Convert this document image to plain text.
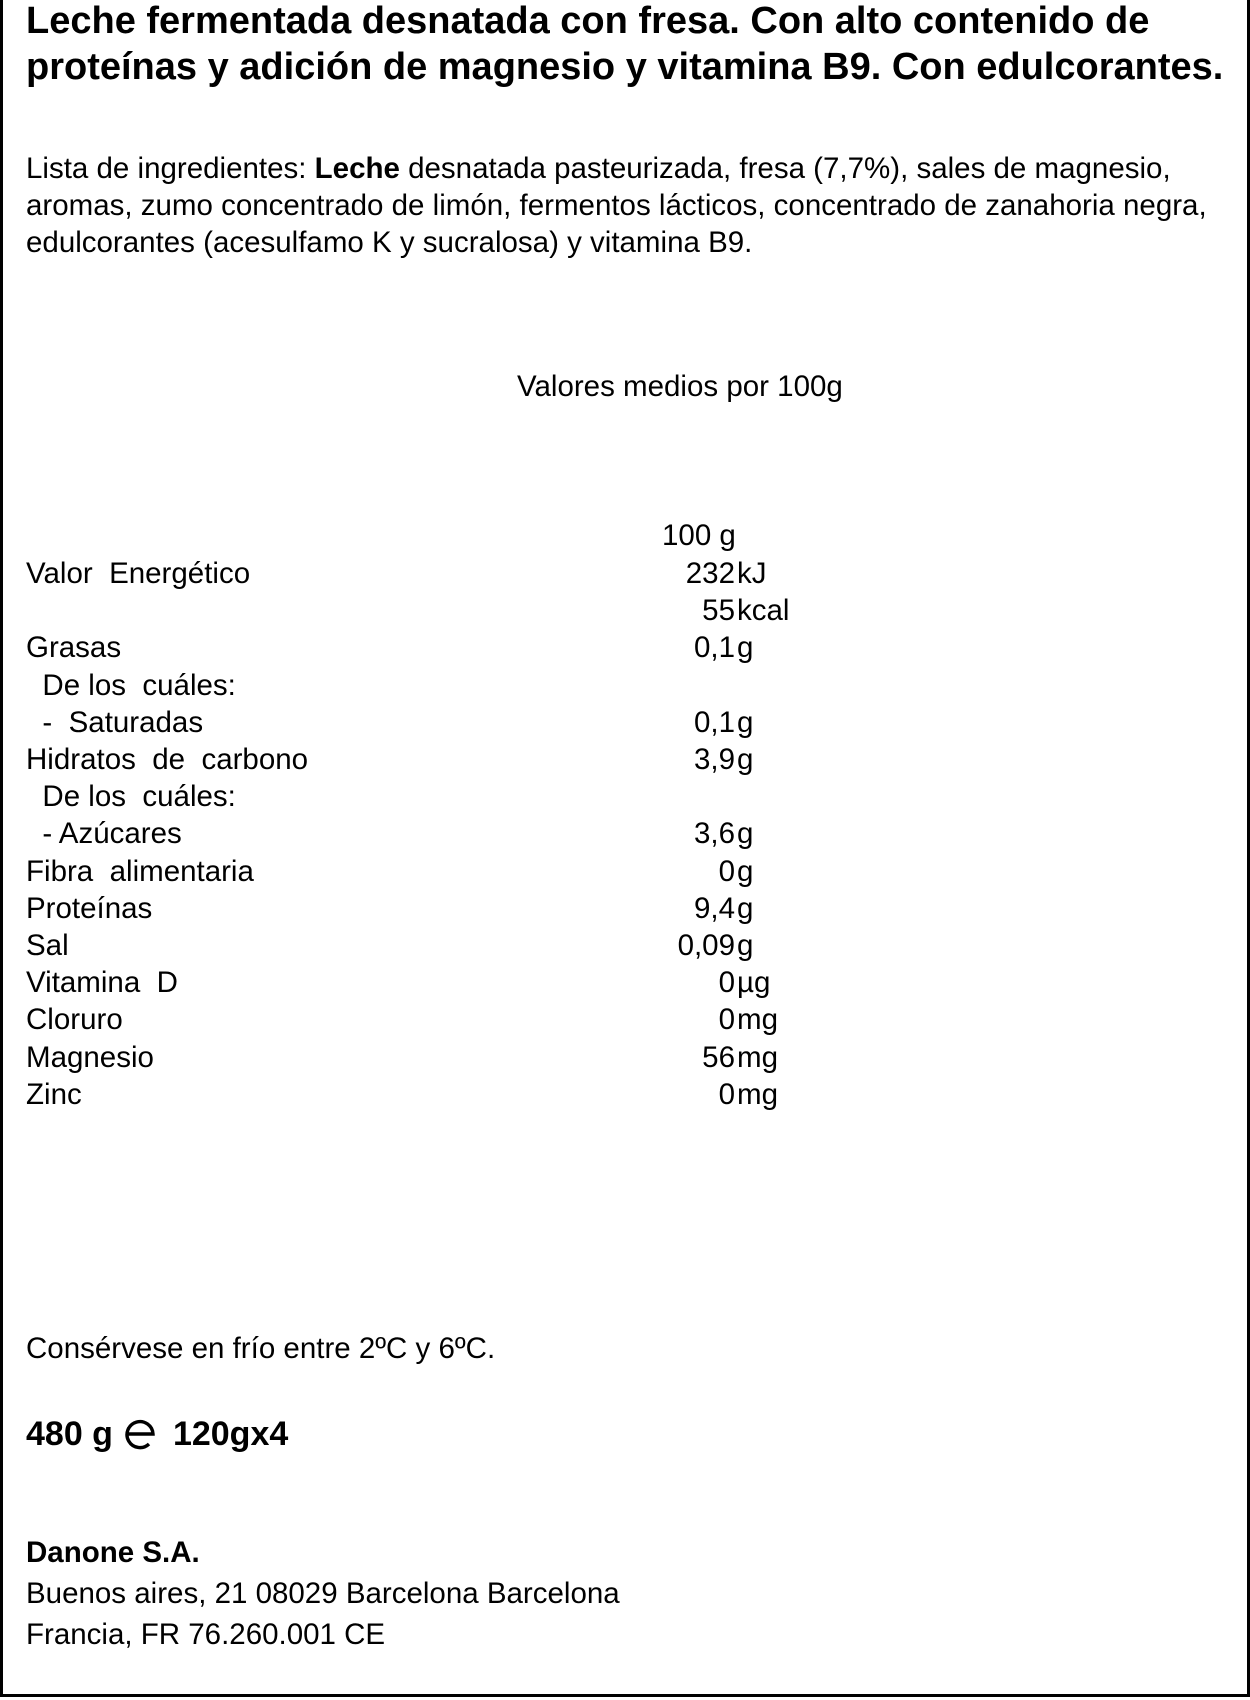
Leche fermentada desnatada con fresa. Con alto contenido de proteínas y adición de magnesio y vitamina B9. Con edulcorantes.

Lista de ingredientes: Leche desnatada pasteurizada, fresa (7,7%), sales de magnesio, aromas, zumo concentrado de limón, fermentos lácticos, concentrado de zanahoria negra, edulcorantes (acesulfamo K y sucralosa) y vitamina B9.

Valores medios por 100g
100 g
Valor  Energético	232 kJ
55 kcal
Grasas	0,1 g
De los  cuáles:
-  Saturadas	0,1 g
Hidratos  de  carbono	3,9 g
De los  cuáles:
- Azúcares	3,6 g
Fibra  alimentaria	0 g
Proteínas	9,4 g
Sal	0,09 g
Vitamina  D	0 µg
Cloruro	0 mg
Magnesio	56 mg
Zinc	0 mg
Consérvese en frío entre 2ºC y 6ºC.
480 g 120gx4
Danone S.A.
Buenos aires, 21 08029 Barcelona Barcelona
Francia, FR 76.260.001 CE
